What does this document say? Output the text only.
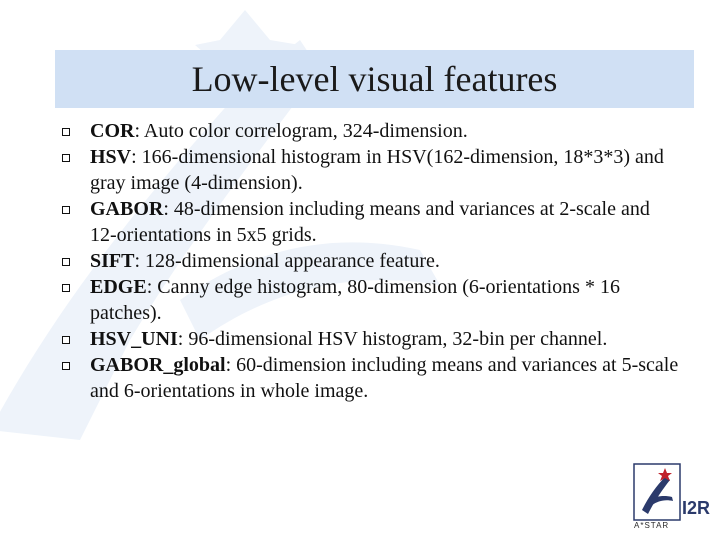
Low-level visual features
COR: Auto color correlogram, 324-dimension.
HSV: 166-dimensional histogram in HSV(162-dimension, 18*3*3) and gray image (4-dimension).
GABOR: 48-dimension including means and variances at 2-scale and 12-orientations in 5x5 grids.
SIFT: 128-dimensional appearance feature.
EDGE: Canny edge histogram, 80-dimension (6-orientations * 16 patches).
HSV_UNI: 96-dimensional HSV histogram, 32-bin per channel.
GABOR_global: 60-dimension including means and variances at 5-scale and 6-orientations in whole image.
A*STAR
I2R
